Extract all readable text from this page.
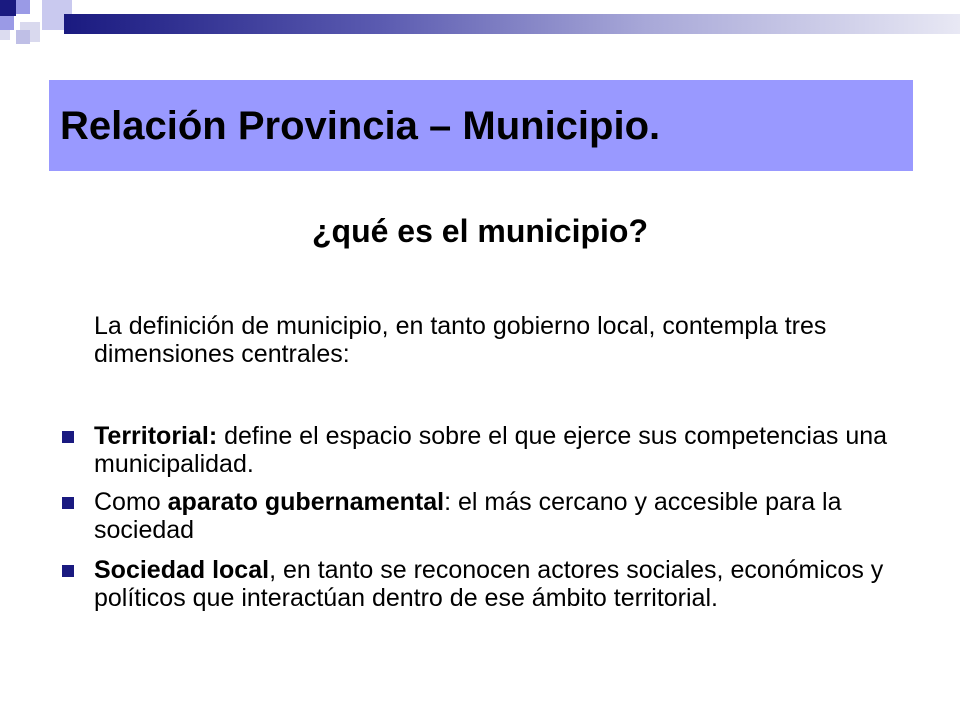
Relación Provincia – Municipio.
¿qué es el municipio?

La definición de municipio, en tanto gobierno local, contempla tres dimensiones centrales:

Territorial: define el espacio sobre el que ejerce sus competencias una municipalidad.
Como aparato gubernamental: el más cercano y accesible para la sociedad
Sociedad local, en tanto se reconocen actores sociales, económicos y políticos que interactúan dentro de ese ámbito territorial.
